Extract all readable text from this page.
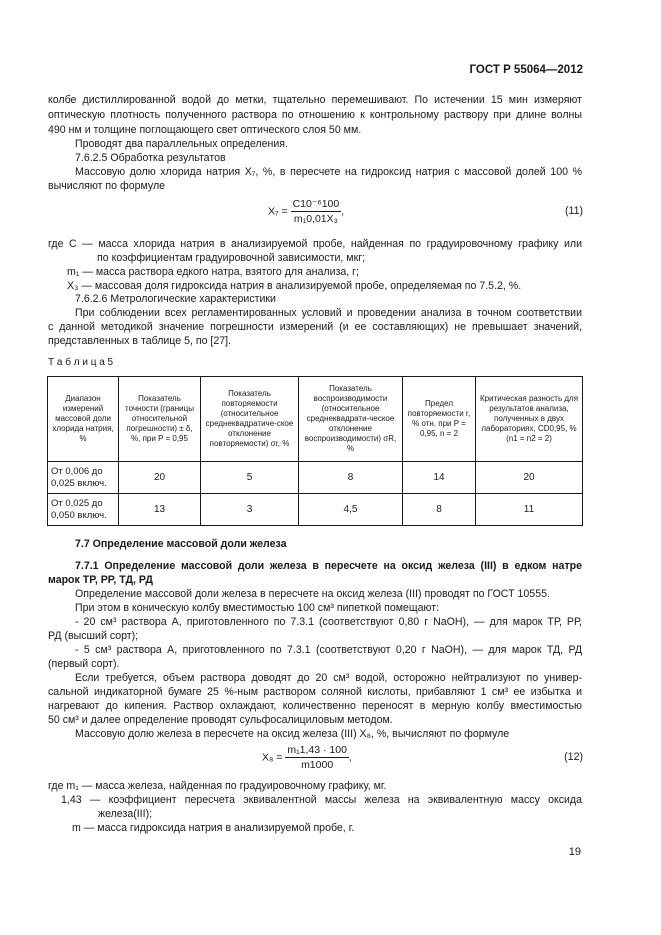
ГОСТ Р 55064—2012
колбе дистиллированной водой до метки, тщательно перемешивают. По истечении 15 мин измеряют
оптическую плотность полученного раствора по отношению к контрольному раствору при длине волны
490 нм и толщине поглощающего свет оптического слоя 50 мм.
Проводят два параллельных определения.
7.6.2.5 Обработка результатов
Массовую долю хлорида натрия X₇, %, в пересчете на гидроксид натрия с массовой долей 100 %
вычисляют по формуле
$X_7 = \frac{\text{C10⁻⁶100}}{\text{m₁0,01X₃}}$ ,	(11)
где C — масса хлорида натрия в анализируемой пробе, найденная по градуировочному графику или
по коэффициентам градуировочной зависимости, мкг;
m₁ — масса раствора едкого натра, взятого для анализа, г;
X₃ — массовая доля гидроксида натрия в анализируемой пробе, определяемая по 7.5.2, %.
7.6.2.6 Метрологические характеристики
При соблюдении всех регламентированных условий и проведении анализа в точном соответствии
с данной методикой значение погрешности измерений (и ее составляющих) не превышает значений,
представленных в таблице 5, по [27].
Т а б л и ц а 5
Диапазон измерений массовой доли хлорида натрия, %	Показатель точности (границы относительной погрешности) ± δ, %, при P = 0,95	Показатель повторяемости (относительное среднеквадратиче-ское отклонение повторяемости) σr, %	Показатель воспроизводимости (относительное среднеквадрати-ческое отклонение воспроизводимости) σR, %	Предел повторяемости r, % отн. при P = 0,95, n = 2	Критическая разность для результатов анализа, полученных в двух лабораториях, CD0,95, % (n1 = n2 = 2)
От 0,006 до 0,025 включ.	20	5	8	14	20
От 0,025 до 0,050 включ.	13	3	4,5	8	11
7.7 Определение массовой доли железа
7.7.1 Определение массовой доли железа в пересчете на оксид железа (III) в едком натре
марок ТР, РР, ТД, РД
Определение массовой доли железа в пересчете на оксид железа (III) проводят по ГОСТ 10555.
При этом в коническую колбу вместимостью 100 см³ пипеткой помещают:
- 20 см³ раствора А, приготовленного по 7.3.1 (соответствуют 0,80 г NaOH), — для марок ТР, РР,
РД (высший сорт);
- 5 см³ раствора А, приготовленного по 7.3.1 (соответствуют 0,20 г NaOH), — для марок ТД, РД
(первый сорт).
Если требуется, объем раствора доводят до 20 см³ водой, осторожно нейтрализуют по универ-
сальной индикаторной бумаге 25 %-ным раствором соляной кислоты, прибавляют 1 см³ ее избытка и
нагревают до кипения. Раствор охлаждают, количественно переносят в мерную колбу вместимостью
50 см³ и далее определение проводят сульфосалициловым методом.
Массовую долю железа в пересчете на оксид железа (III) X₈, %, вычисляют по формуле
$X_8 = \frac{\text{m₁1,43 · 100}}{m1000}$ ,	(12)
где m₁ — масса железа, найденная по градуировочному графику, мг.
1,43 — коэффициент пересчета эквивалентной массы железа на эквивалентную массу оксида
железа(III);
m — масса гидроксида натрия в анализируемой пробе, г.
19
